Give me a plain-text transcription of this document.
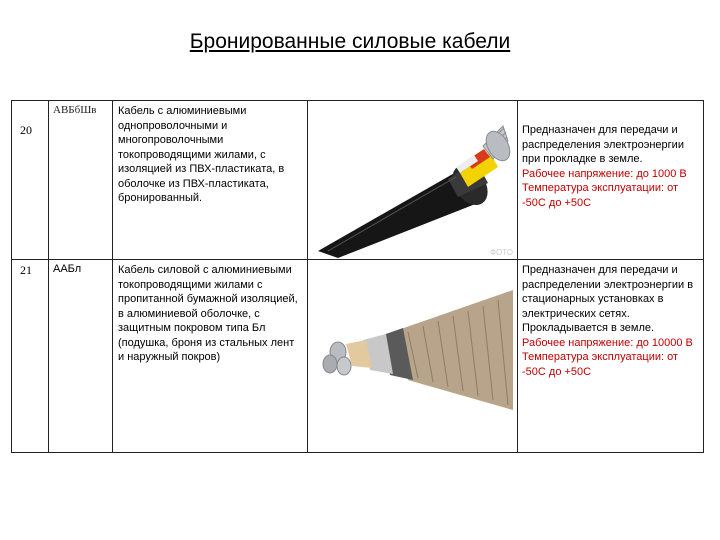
Бронированные силовые кабели
20	АВБбШв	Кабель с алюминиевыми однопроволочными и многопроволочными токопроводящими жилами, с изоляцией из ПВХ-пластиката, в оболочке из ПВХ-пластиката, бронированный.	ФОТО	Предназначен для передачи и распределения электроэнергии при прокладке в земле.
Рабочее напряжение: до 1000 В
Температура эксплуатации: от -50С до +50С

21	ААБл	Кабель силовой с алюминиевыми токопроводящими жилами с пропитанной бумажной изоляцией, в алюминиевой оболочке, с защитным покровом типа Бл (подушка, броня из стальных лент и наружный покров)		Предназначен для передачи и распределении электроэнергии в стационарных установках в электрических сетях. Прокладывается в земле.
Рабочее напряжение: до 10000 В
Температура эксплуатации: от -50С до +50С
